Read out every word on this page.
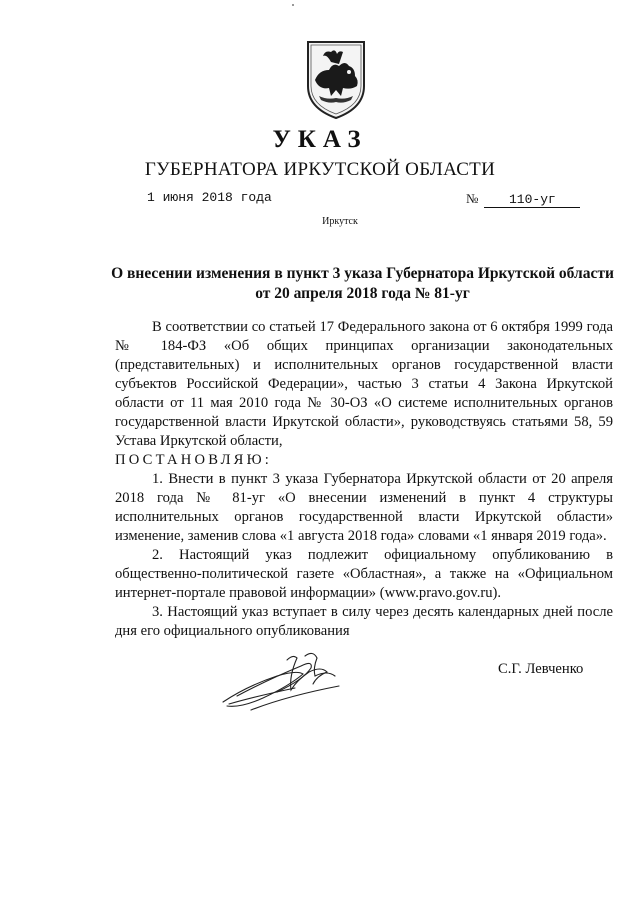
УКАЗ
ГУБЕРНАТОРА ИРКУТСКОЙ ОБЛАСТИ
1 июня 2018 года	№ 110-уг
Иркутск
О внесении изменения в пункт 3 указа Губернатора Иркутской области
от 20 апреля 2018 года № 81-уг

В соответствии со статьей 17 Федерального закона от 6 октября 1999 года № 184-ФЗ «Об общих принципах организации законодательных (представительных) и исполнительных органов государственной власти субъектов Российской Федерации», частью 3 статьи 4 Закона Иркутской области от 11 мая 2010 года № 30-ОЗ «О системе исполнительных органов государственной власти Иркутской области», руководствуясь статьями 58, 59 Устава Иркутской области,

ПОСТАНОВЛЯЮ:

1. Внести в пункт 3 указа Губернатора Иркутской области от 20 апреля 2018 года № 81-уг «О внесении изменений в пункт 4 структуры исполнительных органов государственной власти Иркутской области» изменение, заменив слова «1 августа 2018 года» словами «1 января 2019 года».

2. Настоящий указ подлежит официальному опубликованию в общественно-политической газете «Областная», а также на «Официальном интернет-портале правовой информации» (www.pravo.gov.ru).

3. Настоящий указ вступает в силу через десять календарных дней после дня его официального опубликования

С.Г. Левченко
